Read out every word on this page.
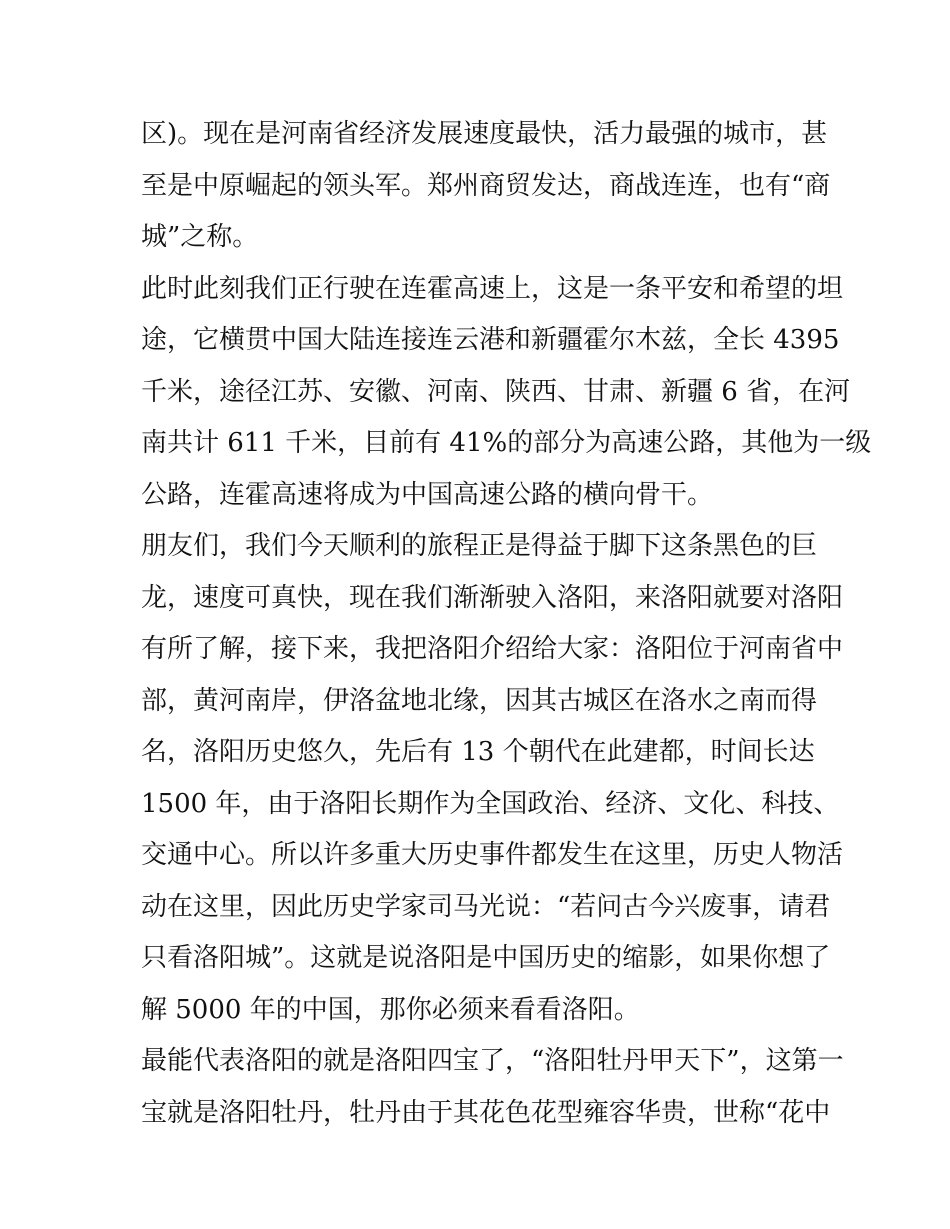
区)。现在是河南省经济发展速度最快，活力最强的城市，甚
至是中原崛起的领头军。郑州商贸发达，商战连连，也有“商
城”之称。
此时此刻我们正行驶在连霍高速上，这是一条平安和希望的坦
途，它横贯中国大陆连接连云港和新疆霍尔木兹，全长 4395
千米，途径江苏、安徽、河南、陕西、甘肃、新疆 6 省，在河
南共计 611 千米，目前有 41%的部分为高速公路，其他为一级
公路，连霍高速将成为中国高速公路的横向骨干。
朋友们，我们今天顺利的旅程正是得益于脚下这条黑色的巨
龙，速度可真快，现在我们渐渐驶入洛阳，来洛阳就要对洛阳
有所了解，接下来，我把洛阳介绍给大家：洛阳位于河南省中
部，黄河南岸，伊洛盆地北缘，因其古城区在洛水之南而得
名，洛阳历史悠久，先后有 13 个朝代在此建都，时间长达
1500 年，由于洛阳长期作为全国政治、经济、文化、科技、
交通中心。所以许多重大历史事件都发生在这里，历史人物活
动在这里，因此历史学家司马光说：“若问古今兴废事，请君
只看洛阳城”。这就是说洛阳是中国历史的缩影，如果你想了
解 5000 年的中国，那你必须来看看洛阳。
最能代表洛阳的就是洛阳四宝了，“洛阳牡丹甲天下”，这第一
宝就是洛阳牡丹，牡丹由于其花色花型雍容华贵，世称“花中
